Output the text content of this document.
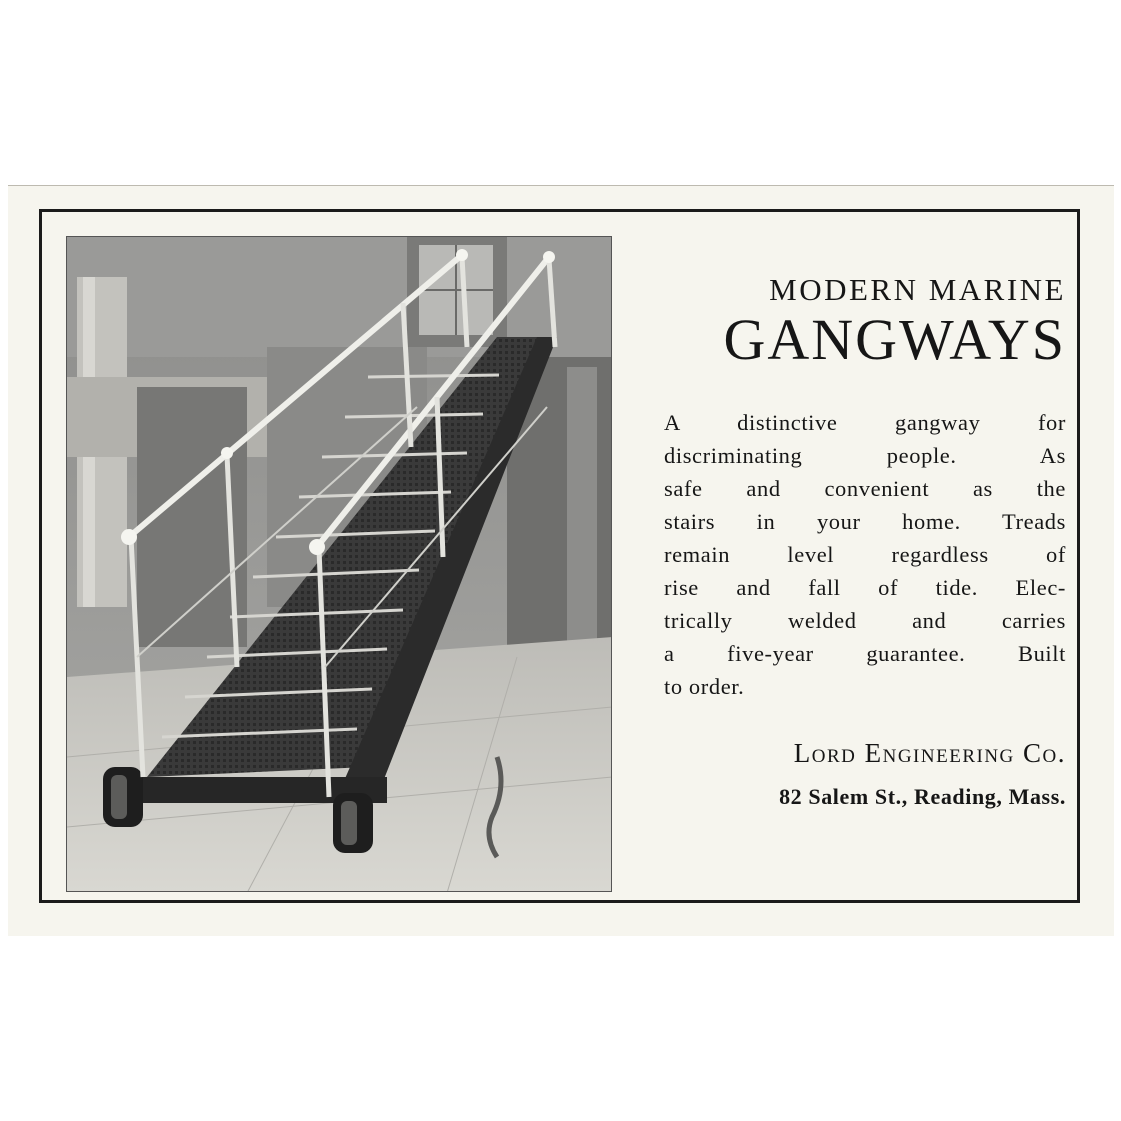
MODERN MARINE
GANGWAYS

A distinctive gangway for
discriminating people. As
safe and convenient as the
stairs in your home. Treads
remain level regardless of
rise and fall of tide. Elec-
trically welded and carries
a five-year guarantee. Built
to order.

Lord Engineering Co.
82 Salem St., Reading, Mass.
